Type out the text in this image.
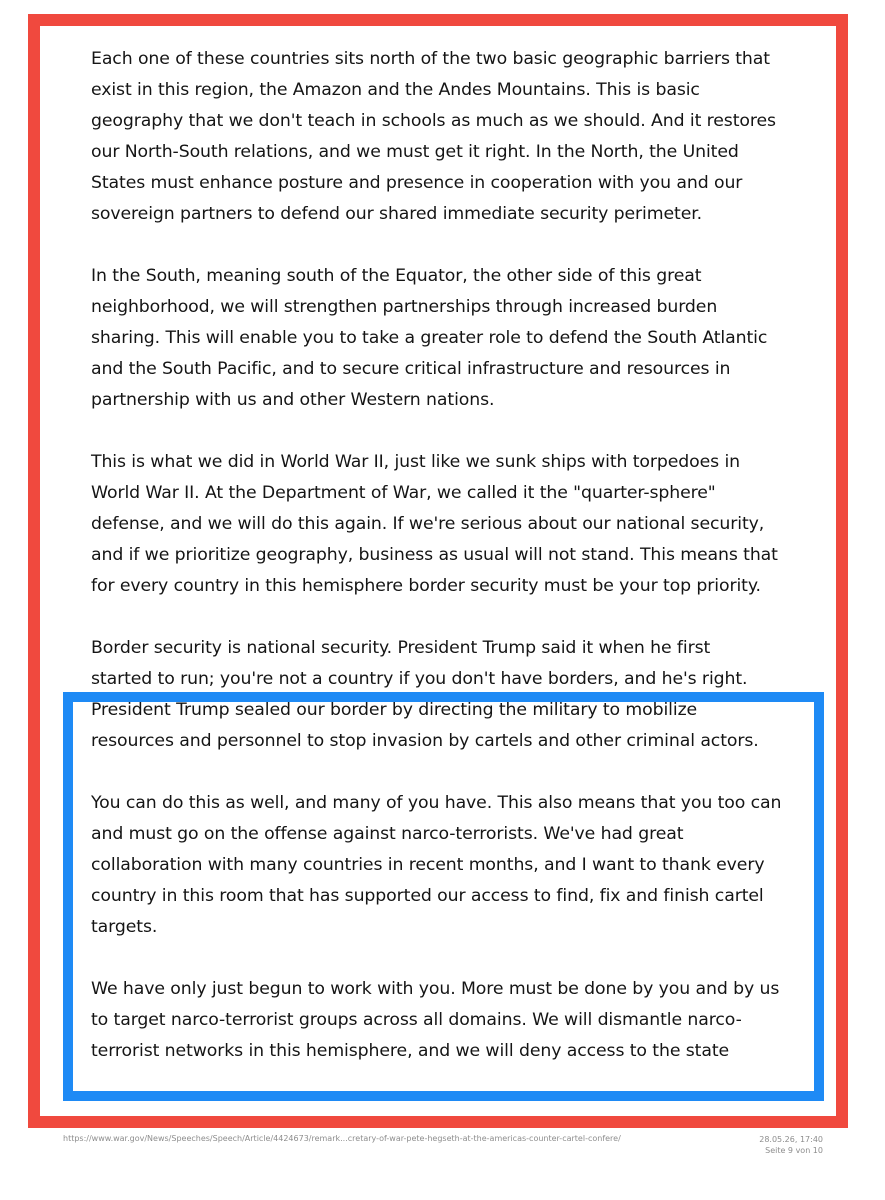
Each one of these countries sits north of the two basic geographic barriers that
exist in this region, the Amazon and the Andes Mountains. This is basic
geography that we don't teach in schools as much as we should. And it restores
our North-South relations, and we must get it right. In the North, the United
States must enhance posture and presence in cooperation with you and our
sovereign partners to defend our shared immediate security perimeter.

In the South, meaning south of the Equator, the other side of this great
neighborhood, we will strengthen partnerships through increased burden
sharing. This will enable you to take a greater role to defend the South Atlantic
and the South Pacific, and to secure critical infrastructure and resources in
partnership with us and other Western nations.

This is what we did in World War II, just like we sunk ships with torpedoes in
World War II. At the Department of War, we called it the "quarter-sphere"
defense, and we will do this again. If we're serious about our national security,
and if we prioritize geography, business as usual will not stand. This means that
for every country in this hemisphere border security must be your top priority.

Border security is national security. President Trump said it when he first
started to run; you're not a country if you don't have borders, and he's right.
President Trump sealed our border by directing the military to mobilize
resources and personnel to stop invasion by cartels and other criminal actors.

You can do this as well, and many of you have. This also means that you too can
and must go on the offense against narco-terrorists. We've had great
collaboration with many countries in recent months, and I want to thank every
country in this room that has supported our access to find, fix and finish cartel
targets.

We have only just begun to work with you. More must be done by you and by us
to target narco-terrorist groups across all domains. We will dismantle narco-
terrorist networks in this hemisphere, and we will deny access to the state

https://www.war.gov/News/Speeches/Speech/Article/4424673/remark...cretary-of-war-pete-hegseth-at-the-americas-counter-cartel-confere/	28.05.26, 17:40
Seite 9 von 10
